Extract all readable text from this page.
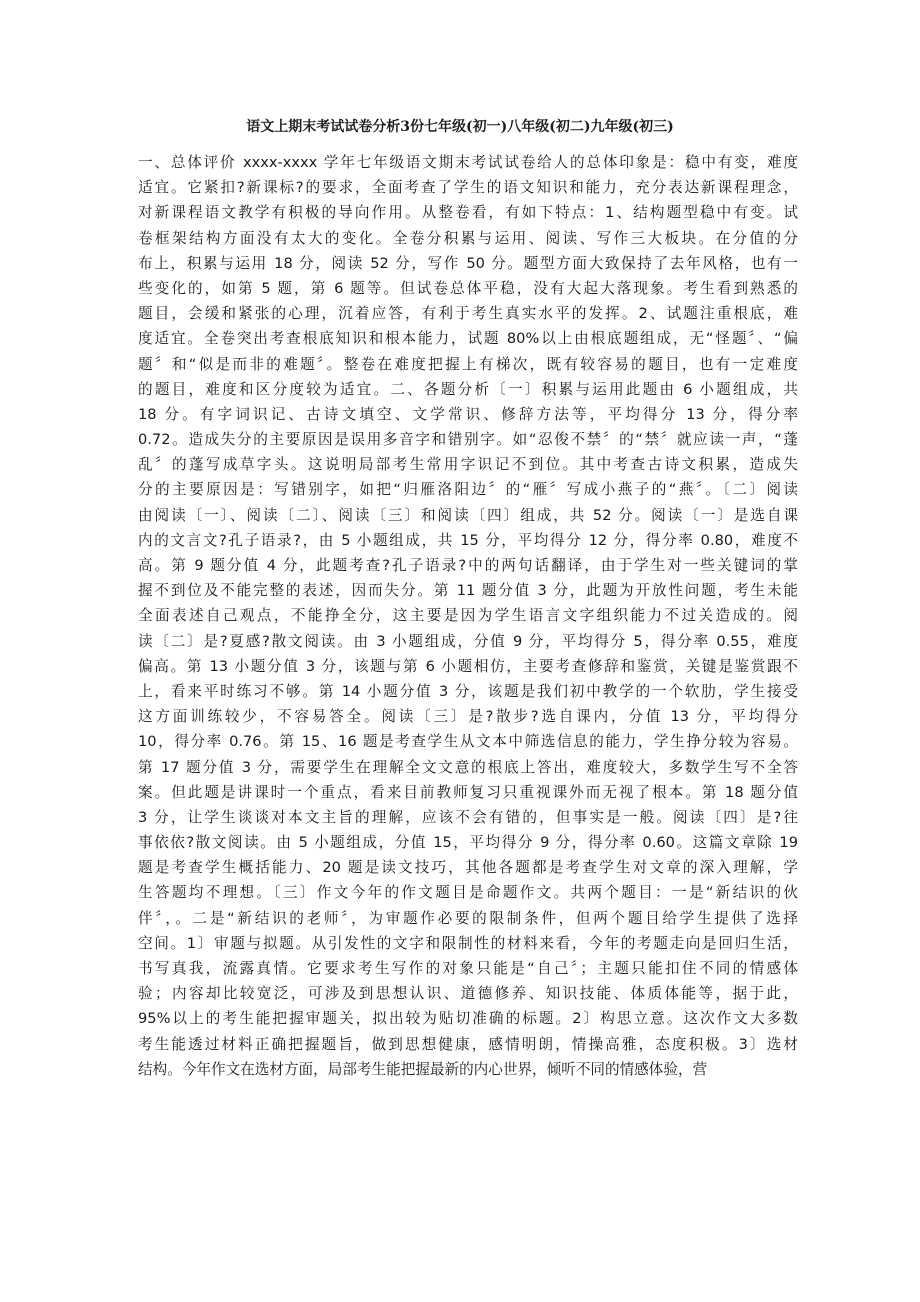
语文上期末考试试卷分析3份七年级(初一)八年级(初二)九年级(初三)
一、总体评价 xxxx-xxxx 学年七年级语文期末考试试卷给人的总体印象是：稳中有变，难度
适宜。它紧扣?新课标?的要求，全面考查了学生的语文知识和能力，充分表达新课程理念，
对新课程语文教学有积极的导向作用。从整卷看，有如下特点：1、结构题型稳中有变。试
卷框架结构方面没有太大的变化。全卷分积累与运用、阅读、写作三大板块。在分值的分
布上，积累与运用 18 分，阅读 52 分，写作 50 分。题型方面大致保持了去年风格，也有一
些变化的，如第 5 题，第 6 题等。但试卷总体平稳，没有大起大落现象。考生看到熟悉的
题目，会缓和紧张的心理，沉着应答，有利于考生真实水平的发挥。2、试题注重根底，难
度适宜。全卷突出考查根底知识和根本能力，试题 80%以上由根底题组成，无“怪题〞、“偏
题〞和“似是而非的难题〞。整卷在难度把握上有梯次，既有较容易的题目，也有一定难度
的题目，难度和区分度较为适宜。二、各题分析〔一〕积累与运用此题由 6 小题组成，共
18 分。有字词识记、古诗文填空、文学常识、修辞方法等，平均得分 13 分，得分率
0.72。造成失分的主要原因是误用多音字和错别字。如“忍俊不禁〞的“禁〞就应读一声，“蓬
乱〞的蓬写成草字头。这说明局部考生常用字识记不到位。其中考查古诗文积累，造成失
分的主要原因是：写错别字，如把“归雁洛阳边〞的“雁〞写成小燕子的“燕〞。〔二〕阅读
由阅读〔一〕、阅读〔二〕、阅读〔三〕和阅读〔四〕组成，共 52 分。阅读〔一〕是选自课
内的文言文?孔子语录?，由 5 小题组成，共 15 分，平均得分 12 分，得分率 0.80，难度不
高。第 9 题分值 4 分，此题考查?孔子语录?中的两句话翻译，由于学生对一些关键词的掌
握不到位及不能完整的表述，因而失分。第 11 题分值 3 分，此题为开放性问题，考生未能
全面表述自己观点，不能挣全分，这主要是因为学生语言文字组织能力不过关造成的。阅
读〔二〕是?夏感?散文阅读。由 3 小题组成，分值 9 分，平均得分 5，得分率 0.55，难度
偏高。第 13 小题分值 3 分，该题与第 6 小题相仿，主要考查修辞和鉴赏，关键是鉴赏跟不
上，看来平时练习不够。第 14 小题分值 3 分，该题是我们初中教学的一个软肋，学生接受
这方面训练较少，不容易答全。阅读〔三〕是?散步?选自课内，分值 13 分，平均得分
10，得分率 0.76。第 15、16 题是考查学生从文本中筛选信息的能力，学生挣分较为容易。
第 17 题分值 3 分，需要学生在理解全文文意的根底上答出，难度较大，多数学生写不全答
案。但此题是讲课时一个重点，看来目前教师复习只重视课外而无视了根本。第 18 题分值
3 分，让学生谈谈对本文主旨的理解，应该不会有错的，但事实是一般。阅读〔四〕是?往
事依依?散文阅读。由 5 小题组成，分值 15，平均得分 9 分，得分率 0.60。这篇文章除 19
题是考查学生概括能力、20 题是读文技巧，其他各题都是考查学生对文章的深入理解，学
生答题均不理想。〔三〕作文今年的作文题目是命题作文。共两个题目：一是“新结识的伙
伴〞，。二是“新结识的老师〞，为审题作必要的限制条件，但两个题目给学生提供了选择
空间。1〕审题与拟题。从引发性的文字和限制性的材料来看，今年的考题走向是回归生活，
书写真我，流露真情。它要求考生写作的对象只能是“自己〞；主题只能扣住不同的情感体
验；内容却比较宽泛，可涉及到思想认识、道德修养、知识技能、体质体能等，据于此，
95%以上的考生能把握审题关，拟出较为贴切准确的标题。2〕构思立意。这次作文大多数
考生能透过材料正确把握题旨，做到思想健康，感情明朗，情操高雅，态度积极。3〕选材
结构。今年作文在选材方面，局部考生能把握最新的内心世界，倾听不同的情感体验，营
